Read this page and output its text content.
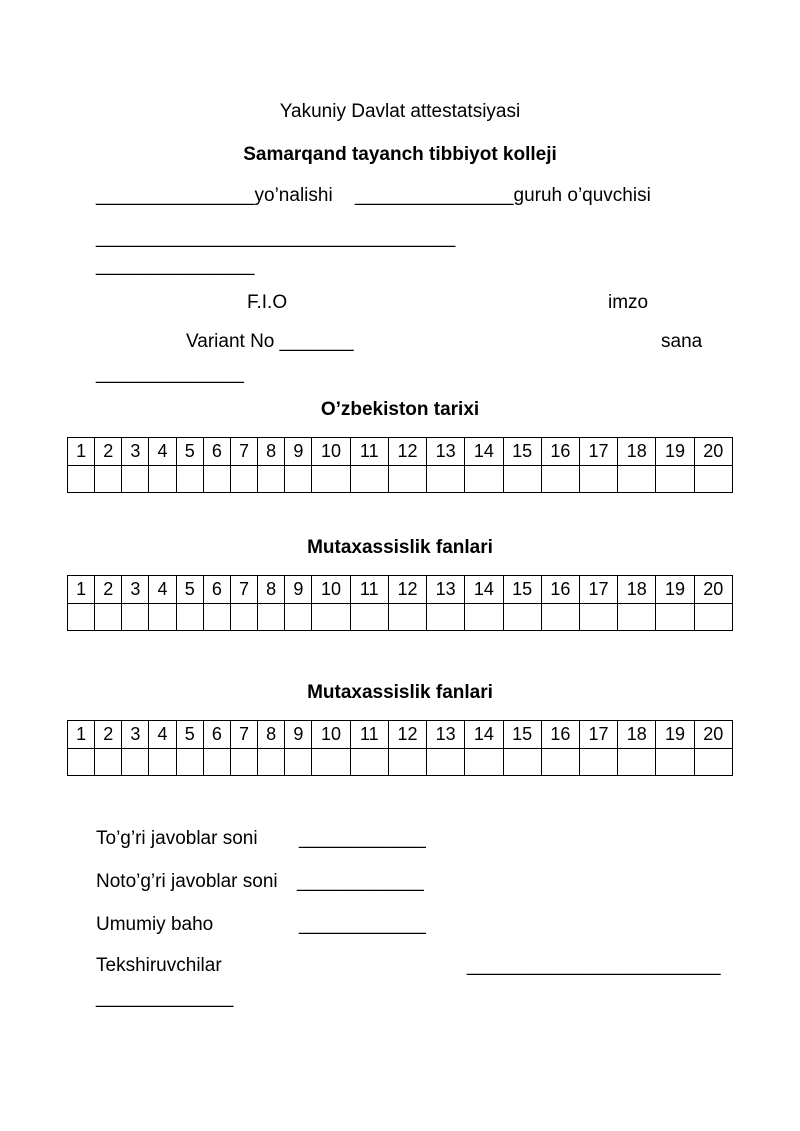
Yakuniy Davlat attestatsiyasi
Samarqand tayanch tibbiyot kolleji
_______________yo’nalishi _______________guruh o’quvchisi
__________________________________
_______________
F.I.O	imzo
Variant No _______	sana
______________
O’zbekiston tarixi
1	2	3	4	5	6	7	8	9	10	11	12	13	14	15	16	17	18	19	20

Mutaxassislik fanlari
1	2	3	4	5	6	7	8	9	10	11	12	13	14	15	16	17	18	19	20

Mutaxassislik fanlari
1	2	3	4	5	6	7	8	9	10	11	12	13	14	15	16	17	18	19	20

To’g’ri javoblar soni ____________
Noto’g’ri javoblar soni ____________
Umumiy baho	____________
Tekshiruvchilar	________________________
_____________
